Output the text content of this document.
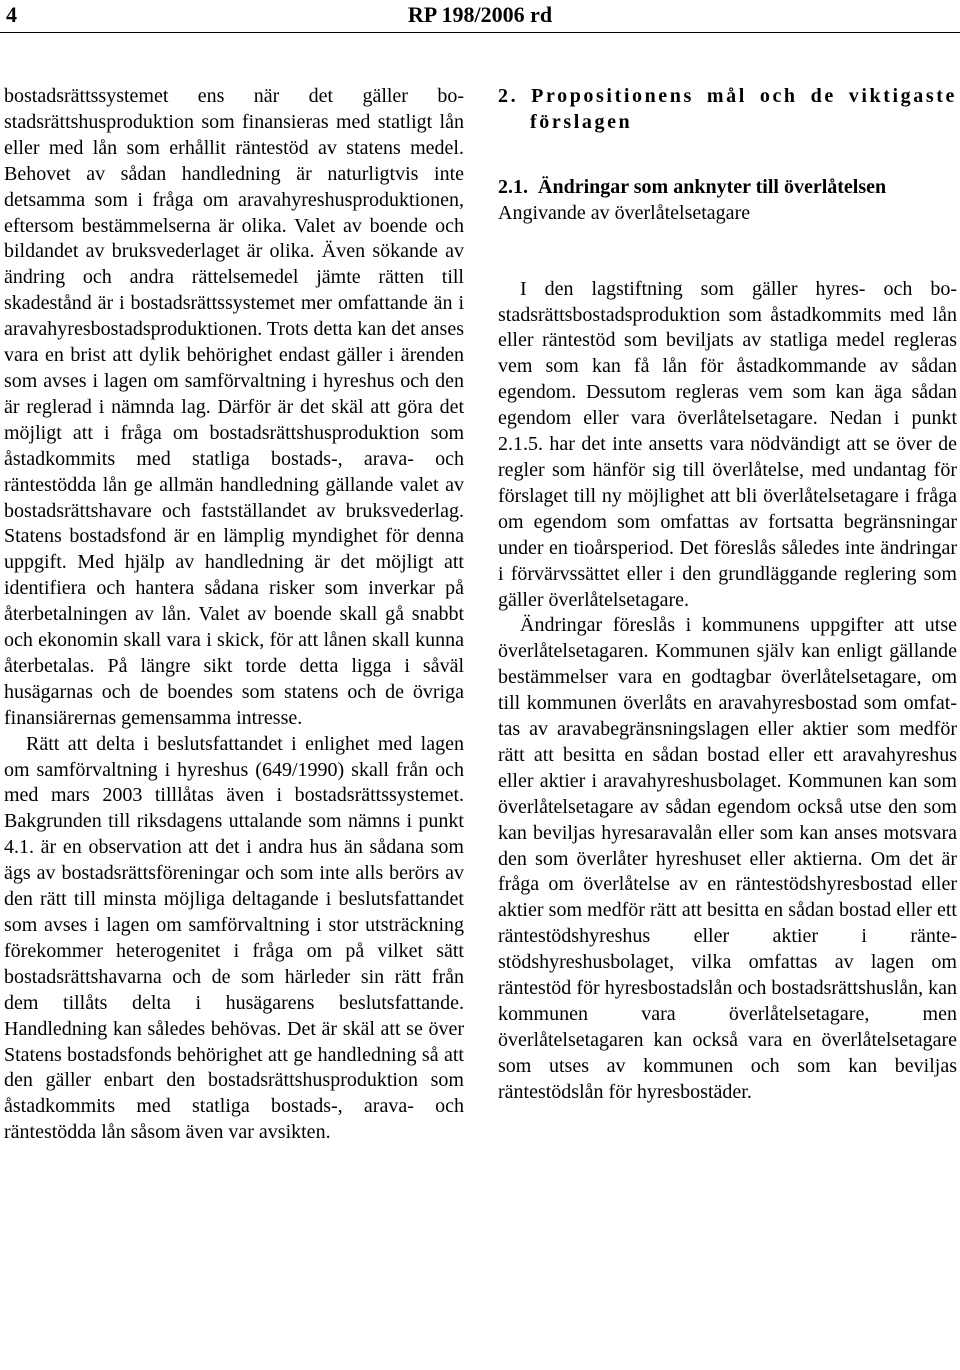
4	RP 198/2006 rd

bostadsrättssystemet ens när det gäller bostadsrättshusproduktion som finansieras med statligt lån eller med lån som erhållit räntestöd av statens medel. Behovet av sådan handledning är naturligtvis inte detsamma som i fråga om aravahyreshusproduktionen, eftersom bestämmelserna är olika. Valet av boende och bildandet av bruksvederlaget är olika. Även sökande av ändring och andra rättelsemedel jämte rätten till skadestånd är i bostadsrättssystemet mer omfattande än i aravahyresbostadsproduktionen. Trots detta kan det anses vara en brist att dylik behörighet endast gäller i ärenden som avses i lagen om samförvaltning i hyreshus och den är reglerad i nämnda lag. Därför är det skäl att göra det möjligt att i fråga om bostadsrättshusproduktion som åstadkommits med statliga bostads-, arava- och räntestödda lån ge allmän handledning gällande valet av bostadsrättshavare och fastställandet av bruksvederlag. Statens bostadsfond är en lämplig myndighet för denna uppgift. Med hjälp av handledning är det möjligt att identifiera och hantera sådana risker som inverkar på återbetalningen av lån. Valet av boende skall gå snabbt och ekonomin skall vara i skick, för att lånen skall kunna återbetalas. På längre sikt torde detta ligga i såväl husägarnas och de boendes som statens och de övriga finansiärernas gemensamma intresse.

Rätt att delta i beslutsfattandet i enlighet med lagen om samförvaltning i hyreshus (649/1990) skall från och med mars 2003 tilllåtas även i bostadsrättssystemet. Bakgrunden till riksdagens uttalande som nämns i punkt 4.1. är en observation att det i andra hus än sådana som ägs av bostadsrättsföreningar och som inte alls berörs av den rätt till minsta möjliga deltagande i beslutsfattandet som avses i lagen om samförvaltning i stor utsträckning förekommer heterogenitet i fråga om på vilket sätt bostadsrättshavarna och de som härleder sin rätt från dem tillåts delta i husägarens beslutsfattande. Handledning kan således behövas. Det är skäl att se över Statens bostadsfonds behörighet att ge handledning så att den gäller enbart den bostadsrättshusproduktion som åstadkommits med statliga bostads-, arava- och räntestödda lån såsom även var avsikten.

2. Propositionens mål och de viktigaste förslagen

2.1. Ändringar som anknyter till överlåtelsen

Angivande av överlåtelsetagare

I den lagstiftning som gäller hyres- och bostadsrättsbostadsproduktion som åstadkommits med lån eller räntestöd som beviljats av statliga medel regleras vem som kan få lån för åstadkommande av sådan egendom. Dessutom regleras vem som kan äga sådan egendom eller vara överlåtelsetagare. Nedan i punkt 2.1.5. har det inte ansetts vara nödvändigt att se över de regler som hänför sig till överlåtelse, med undantag för förslaget till ny möjlighet att bli överlåtelsetagare i fråga om egendom som omfattas av fortsatta begränsningar under en tioårsperiod. Det föreslås således inte ändringar i förvärvssättet eller i den grundläggande reglering som gäller överlåtelsetagare.

Ändringar föreslås i kommunens uppgifter att utse överlåtelsetagaren. Kommunen själv kan enligt gällande bestämmelser vara en godtagbar överlåtelsetagare, om till kommunen överlåts en aravahyresbostad som omfattas av aravabegränsningslagen eller aktier som medför rätt att besitta en sådan bostad eller ett aravahyreshus eller aktier i aravahyreshusbolaget. Kommunen kan som överlåtelsetagare av sådan egendom också utse den som kan beviljas hyresaravalån eller som kan anses motsvara den som överlåter hyreshuset eller aktierna. Om det är fråga om överlåtelse av en räntestödshyresbostad eller aktier som medför rätt att besitta en sådan bostad eller ett räntestödshyreshus eller aktier i räntestödshyreshusbolaget, vilka omfattas av lagen om räntestöd för hyresbostadslån och bostadsrättshuslån, kan kommunen vara överlåtelsetagare, men överlåtelsetagaren kan också vara en överlåtelsetagare som utses av kommunen och som kan beviljas räntestödslån för hyresbostäder.
